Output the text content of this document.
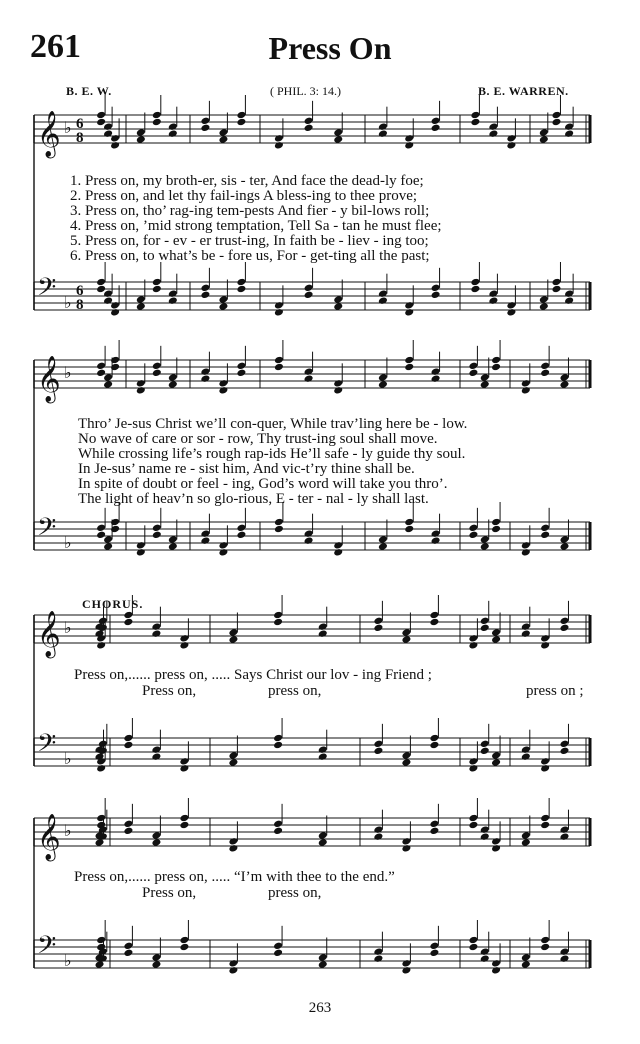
261	Press On
B. E. W.	( PHIL. 3: 14.)	B. E. WARREN.
𝄞 ♭ 6
8
𝄢 ♭
6
8
𝄞 ♭
𝄢 ♭
𝄞 ♭
𝄢 ♭
𝄞 ♭
𝄢 ♭
1. Press on, my broth-er, sis - ter, And face the dead-ly foe;
2. Press on, and let thy fail-ings A bless-ing to thee prove;
3. Press on, tho’ rag-ing tem-pests And fier - y bil-lows roll;
4. Press on, ’mid strong temptation, Tell Sa - tan he must flee;
5. Press on, for - ev - er trust-ing, In faith be - liev - ing too;
6. Press on, to what’s be - fore us, For - get-ting all the past;
Thro’ Je-sus Christ we’ll con-quer, While trav’ling here be - low.
No wave of care or sor - row, Thy trust-ing soul shall move.
While crossing life’s rough rap-ids He’ll safe - ly guide thy soul.
In Je-sus’ name re - sist him, And vic-t’ry thine shall be.
In spite of doubt or feel - ing, God’s word will take you thro’.
The light of heav’n so glo-rious, E - ter - nal - ly shall last.
CHORUS.
Press on,...... press on, ..... Says Christ our lov - ing Friend ;
Press on,	press on,	press on ;
Press on,...... press on, ..... “I’m with thee to the end.”
Press on,	press on,
263
